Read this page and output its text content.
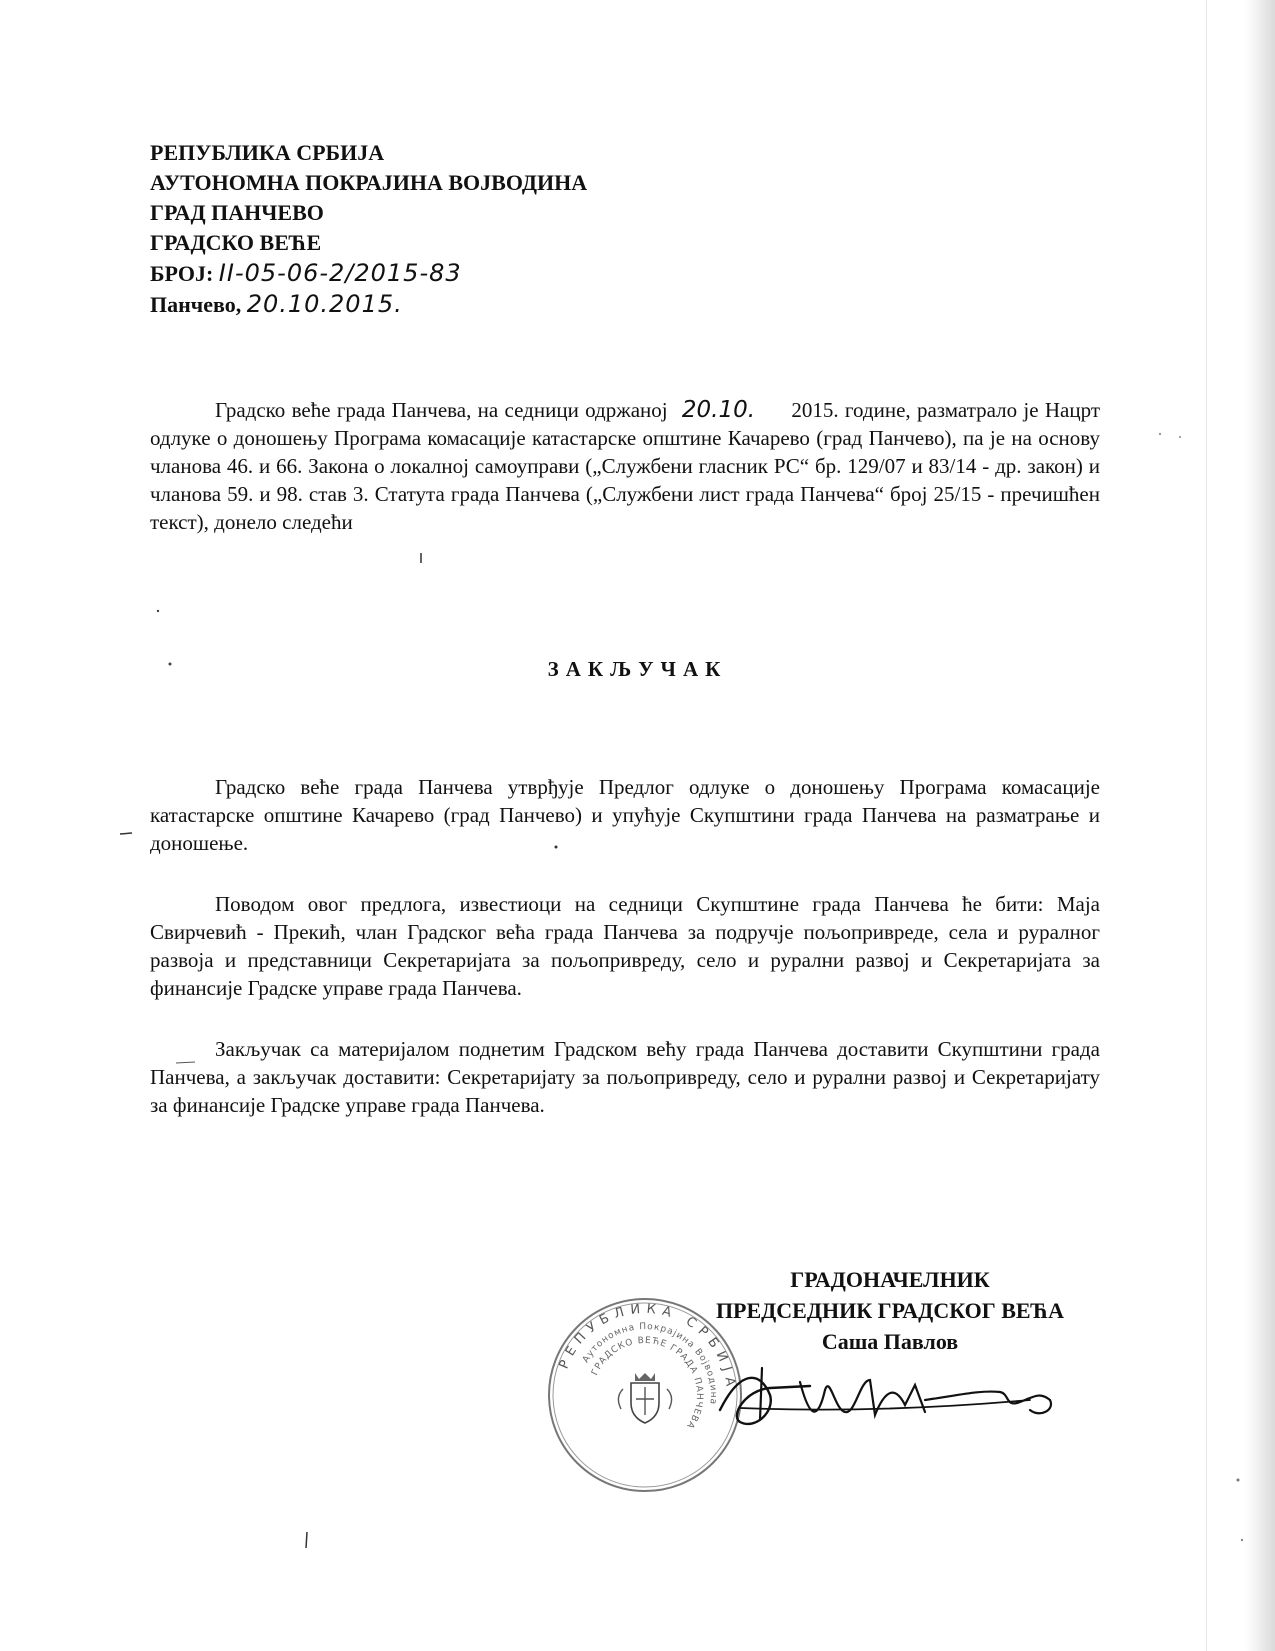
РЕПУБЛИКА СРБИЈА
АУТОНОМНА ПОКРАЈИНА ВОЈВОДИНА
ГРАД ПАНЧЕВО
ГРАДСКО ВЕЋЕ
БРОЈ: II-05-06-2/2015-83
Панчево, 20.10.2015.

Градско веће града Панчева, на седници одржаној 20.10. 2015. године, разматрало је Нацрт одлуке о доношењу Програма комасације катастарске општине Качарево (град Панчево), па је на основу чланова 46. и 66. Закона о локалној самоуправи („Службени гласник РС“ бр. 129/07 и 83/14 - др. закон) и чланова 59. и 98. став 3. Статута града Панчева („Службени лист града Панчева“ број 25/15 - пречишћен текст), донело следећи

ЗАКЉУЧАК

Градско веће града Панчева утврђује Предлог одлуке о доношењу Програма комасације катастарске општине Качарево (град Панчево) и упућује Скупштини града Панчева на разматрање и доношење.

Поводом овог предлога, известиоци на седници Скупштине града Панчева ће бити: Маја Свирчевић - Прекић, члан Градског већа града Панчева за подручје пољопривреде, села и руралног развоја и представници Секретаријата за пољопривреду, село и рурални развој и Секретаријата за финансије Градске управе града Панчева.

Закључак са материјалом поднетим Градском већу града Панчева доставити Скупштини града Панчева, а закључак доставити: Секретаријату за пољопривреду, село и рурални развој и Секретаријату за финансије Градске управе града Панчева.

ГРАДОНАЧЕЛНИК
ПРЕДСЕДНИК ГРАДСКОГ ВЕЋА
Саша Павлов
РЕПУБЛИКА СРБИЈА
Аутономна Покрајина Војводина
ГРАДСКО ВЕЋЕ ГРАДА ПАНЧЕВА
